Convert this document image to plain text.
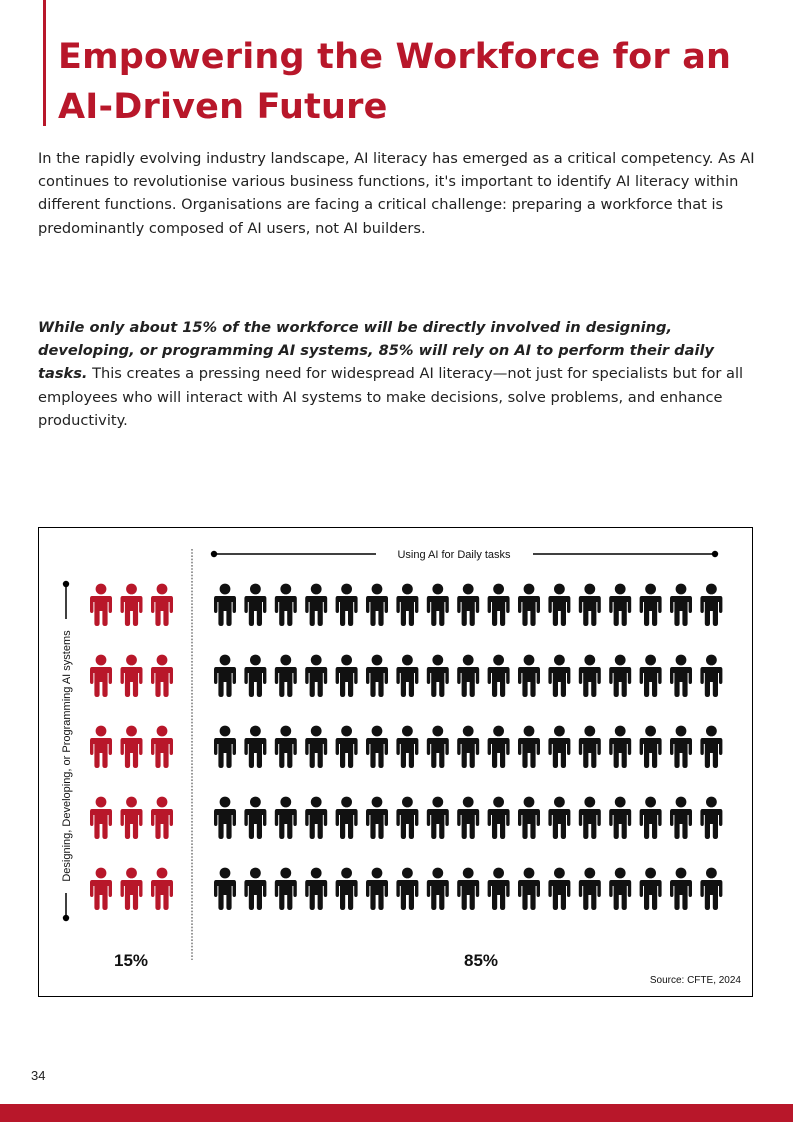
Empowering the Workforce for an AI-Driven Future

In the rapidly evolving industry landscape, AI literacy has emerged as a critical competency. As AI continues to revolutionise various business functions, it's important to identify AI literacy within different functions. Organisations are facing a critical challenge: preparing a workforce that is predominantly composed of AI users, not AI builders.

While only about 15% of the workforce will be directly involved in designing, developing, or programming AI systems, 85% will rely on AI to perform their daily tasks. This creates a pressing need for widespread AI literacy—not just for specialists but for all employees who will interact with AI systems to make decisions, solve problems, and enhance productivity.

Using AI for Daily tasks
Designing, Developing, or Programming AI systems
15%	85%
Source: CFTE, 2024
34
